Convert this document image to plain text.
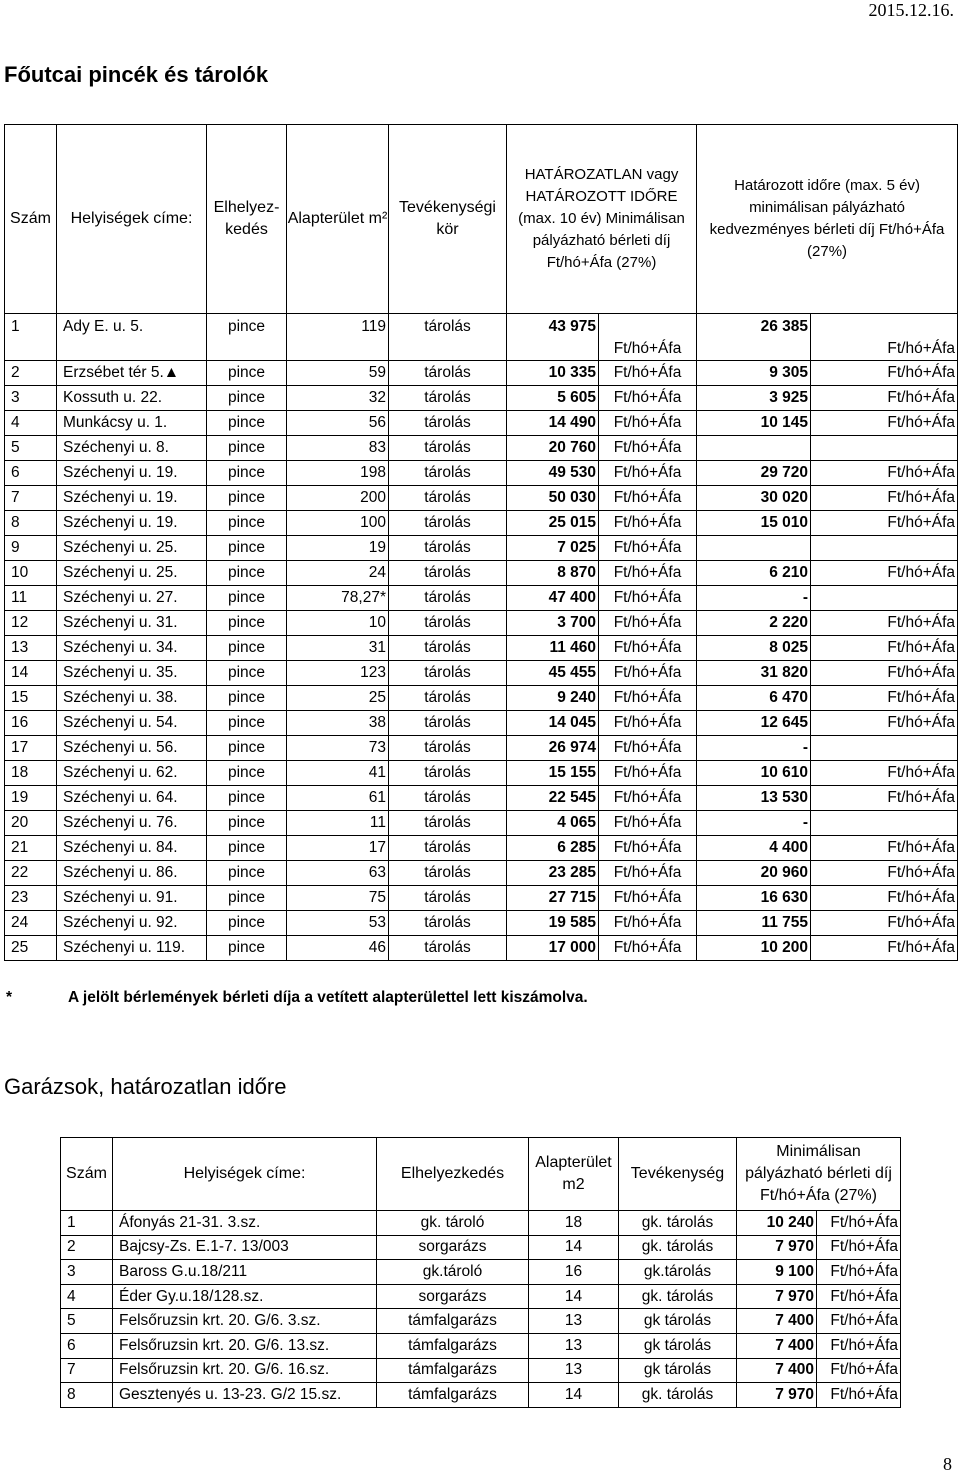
2015.12.16.
Főutcai pincék és tárolók
Szám	Helyiségek címe:	Elhelyez-kedés	Alapterület m²	Tevékenységi kör	HATÁROZATLAN vagy HATÁROZOTT IDŐRE (max. 10 év) Minimálisan pályázható bérleti díj Ft/hó+Áfa (27%)		Határozott időre (max. 5 év) minimálisan pályázható kedvezményes bérleti díj Ft/hó+Áfa (27%)	
1	Ady E. u. 5.	pince	119	tárolás	43 975	Ft/hó+Áfa	26 385	Ft/hó+Áfa
2	Erzsébet tér 5.▲	pince	59	tárolás	10 335	Ft/hó+Áfa	9 305	Ft/hó+Áfa
3	Kossuth u. 22.	pince	32	tárolás	5 605	Ft/hó+Áfa	3 925	Ft/hó+Áfa
4	Munkácsy u. 1.	pince	56	tárolás	14 490	Ft/hó+Áfa	10 145	Ft/hó+Áfa
5	Széchenyi u. 8.	pince	83	tárolás	20 760	Ft/hó+Áfa		
6	Széchenyi u. 19.	pince	198	tárolás	49 530	Ft/hó+Áfa	29 720	Ft/hó+Áfa
7	Széchenyi u. 19.	pince	200	tárolás	50 030	Ft/hó+Áfa	30 020	Ft/hó+Áfa
8	Széchenyi u. 19.	pince	100	tárolás	25 015	Ft/hó+Áfa	15 010	Ft/hó+Áfa
9	Széchenyi u. 25.	pince	19	tárolás	7 025	Ft/hó+Áfa		
10	Széchenyi u. 25.	pince	24	tárolás	8 870	Ft/hó+Áfa	6 210	Ft/hó+Áfa
11	Széchenyi u. 27.	pince	78,27*	tárolás	47 400	Ft/hó+Áfa	-	
12	Széchenyi u. 31.	pince	10	tárolás	3 700	Ft/hó+Áfa	2 220	Ft/hó+Áfa
13	Széchenyi u. 34.	pince	31	tárolás	11 460	Ft/hó+Áfa	8 025	Ft/hó+Áfa
14	Széchenyi u. 35.	pince	123	tárolás	45 455	Ft/hó+Áfa	31 820	Ft/hó+Áfa
15	Széchenyi u. 38.	pince	25	tárolás	9 240	Ft/hó+Áfa	6 470	Ft/hó+Áfa
16	Széchenyi u. 54.	pince	38	tárolás	14 045	Ft/hó+Áfa	12 645	Ft/hó+Áfa
17	Széchenyi u. 56.	pince	73	tárolás	26 974	Ft/hó+Áfa	-	
18	Széchenyi u. 62.	pince	41	tárolás	15 155	Ft/hó+Áfa	10 610	Ft/hó+Áfa
19	Széchenyi u. 64.	pince	61	tárolás	22 545	Ft/hó+Áfa	13 530	Ft/hó+Áfa
20	Széchenyi u. 76.	pince	11	tárolás	4 065	Ft/hó+Áfa	-	
21	Széchenyi u. 84.	pince	17	tárolás	6 285	Ft/hó+Áfa	4 400	Ft/hó+Áfa
22	Széchenyi u. 86.	pince	63	tárolás	23 285	Ft/hó+Áfa	20 960	Ft/hó+Áfa
23	Széchenyi u. 91.	pince	75	tárolás	27 715	Ft/hó+Áfa	16 630	Ft/hó+Áfa
24	Széchenyi u. 92.	pince	53	tárolás	19 585	Ft/hó+Áfa	11 755	Ft/hó+Áfa
25	Széchenyi u. 119.	pince	46	tárolás	17 000	Ft/hó+Áfa	10 200	Ft/hó+Áfa
*	A jelölt bérlemények bérleti díja a vetített alapterülettel lett kiszámolva.
Garázsok, határozatlan időre
Szám	Helyiségek címe:	Elhelyezkedés	Alapterület m2	Tevékenység	Minimálisan pályázható bérleti díj Ft/hó+Áfa (27%)	
1	Áfonyás 21-31. 3.sz.	gk. tároló	18	gk. tárolás	10 240	Ft/hó+Áfa
2	Bajcsy-Zs. E.1-7. 13/003	sorgarázs	14	gk. tárolás	7 970	Ft/hó+Áfa
3	Baross G.u.18/211	gk.tároló	16	gk.tárolás	9 100	Ft/hó+Áfa
4	Éder Gy.u.18/128.sz.	sorgarázs	14	gk. tárolás	7 970	Ft/hó+Áfa
5	Felsőruzsin krt. 20. G/6. 3.sz.	támfalgarázs	13	gk tárolás	7 400	Ft/hó+Áfa
6	Felsőruzsin krt. 20. G/6. 13.sz.	támfalgarázs	13	gk tárolás	7 400	Ft/hó+Áfa
7	Felsőruzsin krt. 20. G/6. 16.sz.	támfalgarázs	13	gk tárolás	7 400	Ft/hó+Áfa
8	Gesztenyés u. 13-23. G/2 15.sz.	támfalgarázs	14	gk. tárolás	7 970	Ft/hó+Áfa
8
